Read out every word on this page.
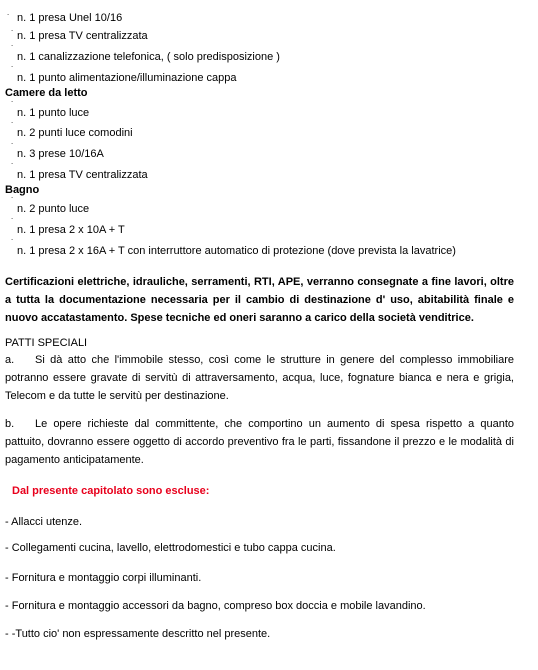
˙ n. 1 presa Unel 10/16
˙ n. 1 presa TV centralizzata
˙
n. 1 canalizzazione telefonica, ( solo predisposizione )
˙
n. 1 punto alimentazione/illuminazione cappa
Camere da letto
˙
n. 1 punto luce
˙
n. 2 punti luce comodini
˙
n. 3 prese 10/16A
˙
n. 1 presa TV centralizzata
Bagno
˙
n. 2 punto luce
˙
n. 1 presa 2 x 10A + T
˙
n. 1 presa 2 x 16A + T con interruttore automatico di protezione (dove prevista la lavatrice)
Certificazioni elettriche, idrauliche, serramenti, RTI, APE, verranno consegnate a fine lavori, oltre a tutta la documentazione necessaria per il cambio di destinazione d' uso, abitabilità finale e nuovo accatastamento. Spese tecniche ed oneri saranno a carico della società venditrice.
PATTI SPECIALI
a. Si dà atto che l'immobile stesso, così come le strutture in genere del complesso immobiliare potranno essere gravate di servitù di attraversamento, acqua, luce, fognature bianca e nera e grigia, Telecom e da tutte le servitù per destinazione.
b. Le opere richieste dal committente, che comportino un aumento di spesa rispetto a quanto pattuito, dovranno essere oggetto di accordo preventivo fra le parti, fissandone il prezzo e le modalità di pagamento anticipatamente.
Dal presente capitolato sono escluse:
- Allacci utenze.
- Collegamenti cucina, lavello, elettrodomestici e tubo cappa cucina.
- Fornitura e montaggio corpi illuminanti.
- Fornitura e montaggio accessori da bagno, compreso box doccia e mobile lavandino.
- -Tutto cio' non espressamente descritto nel presente.
